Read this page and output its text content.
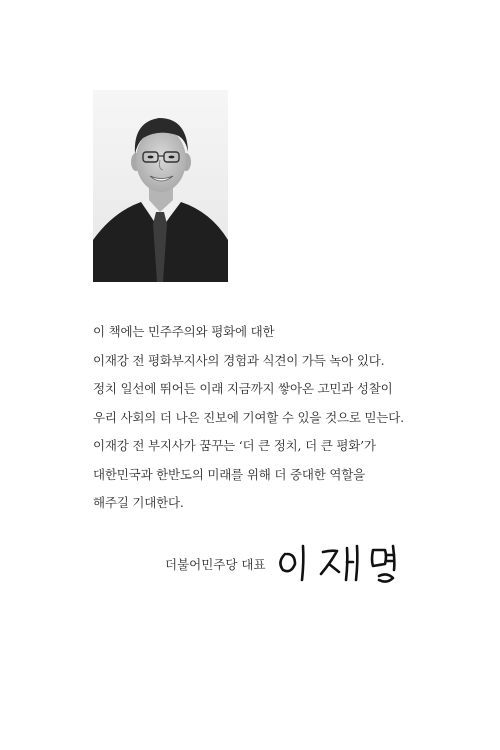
이 책에는 민주주의와 평화에 대한
이재강 전 평화부지사의 경험과 식견이 가득 녹아 있다.
정치 일선에 뛰어든 이래 지금까지 쌓아온 고민과 성찰이
우리 사회의 더 나은 진보에 기여할 수 있을 것으로 믿는다.
이재강 전 부지사가 꿈꾸는 ‘더 큰 정치, 더 큰 평화’가
대한민국과 한반도의 미래를 위해 더 중대한 역할을
해주길 기대한다.
더불어민주당 대표
